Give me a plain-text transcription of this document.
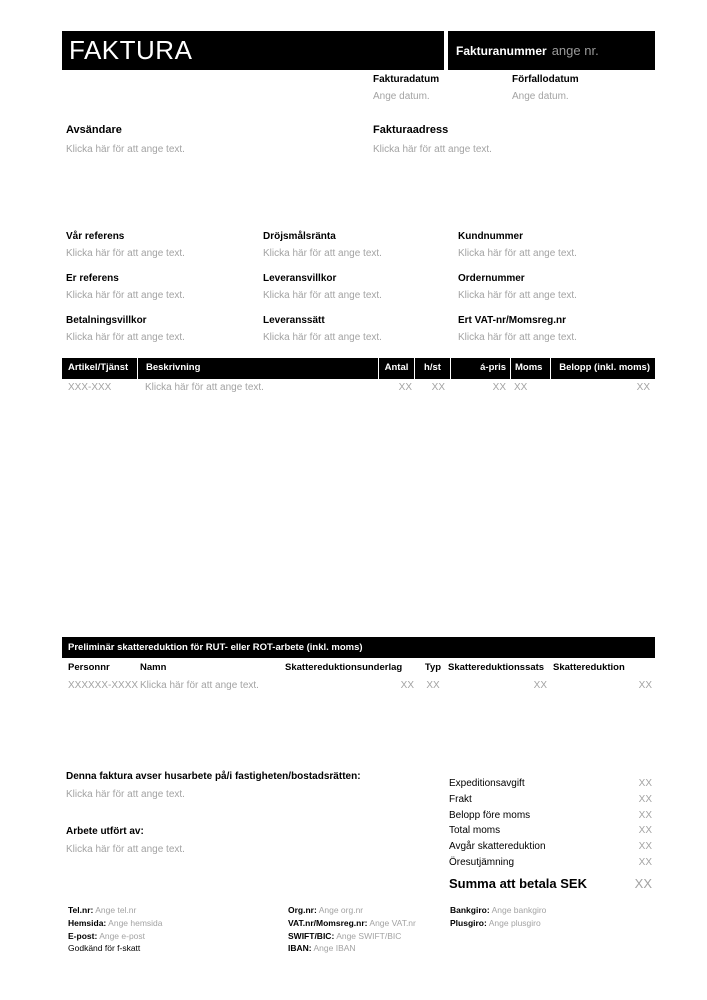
FAKTURA	Fakturanummer ange nr.
Fakturadatum
Ange datum.
Förfallodatum
Ange datum.
Avsändare
Klicka här för att ange text.
Fakturaadress
Klicka här för att ange text.
Vår referens
Klicka här för att ange text.
Dröjsmålsränta
Klicka här för att ange text.
Kundnummer
Klicka här för att ange text.
Er referens
Klicka här för att ange text.
Leveransvillkor
Klicka här för att ange text.
Ordernummer
Klicka här för att ange text.
Betalningsvillkor
Klicka här för att ange text.
Leveranssätt
Klicka här för att ange text.
Ert VAT-nr/Momsreg.nr
Klicka här för att ange text.
Artikel/Tjänst	Beskrivning	Antal	h/st	á-pris Moms	Belopp (inkl. moms)
XXX-XXX	Klicka här för att ange text.	XX	XX	XX XX	XX
Preliminär skattereduktion för RUT- eller ROT-arbete (inkl. moms)
Personnr	Namn	Skattereduktionsunderlag	Typ Skattereduktionssats Skattereduktion
XXXXXX-XXXX Klicka här för att ange text.	XX	XX	XX	XX
Denna faktura avser husarbete på/i fastigheten/bostadsrätten:
Klicka här för att ange text.
Arbete utfört av:
Klicka här för att ange text.
Expeditionsavgift	XX
Frakt	XX
Belopp före moms	XX
Total moms	XX
Avgår skattereduktion	XX
Öresutjämning	XX
Summa att betala SEK	XX
Tel.nr: Ange tel.nr
Hemsida: Ange hemsida
E-post: Ange e-post
Godkänd för f-skatt
Org.nr: Ange org.nr
VAT.nr/Momsreg.nr: Ange VAT.nr
SWIFT/BIC: Ange SWIFT/BIC
IBAN: Ange IBAN
Bankgiro: Ange bankgiro
Plusgiro: Ange plusgiro
